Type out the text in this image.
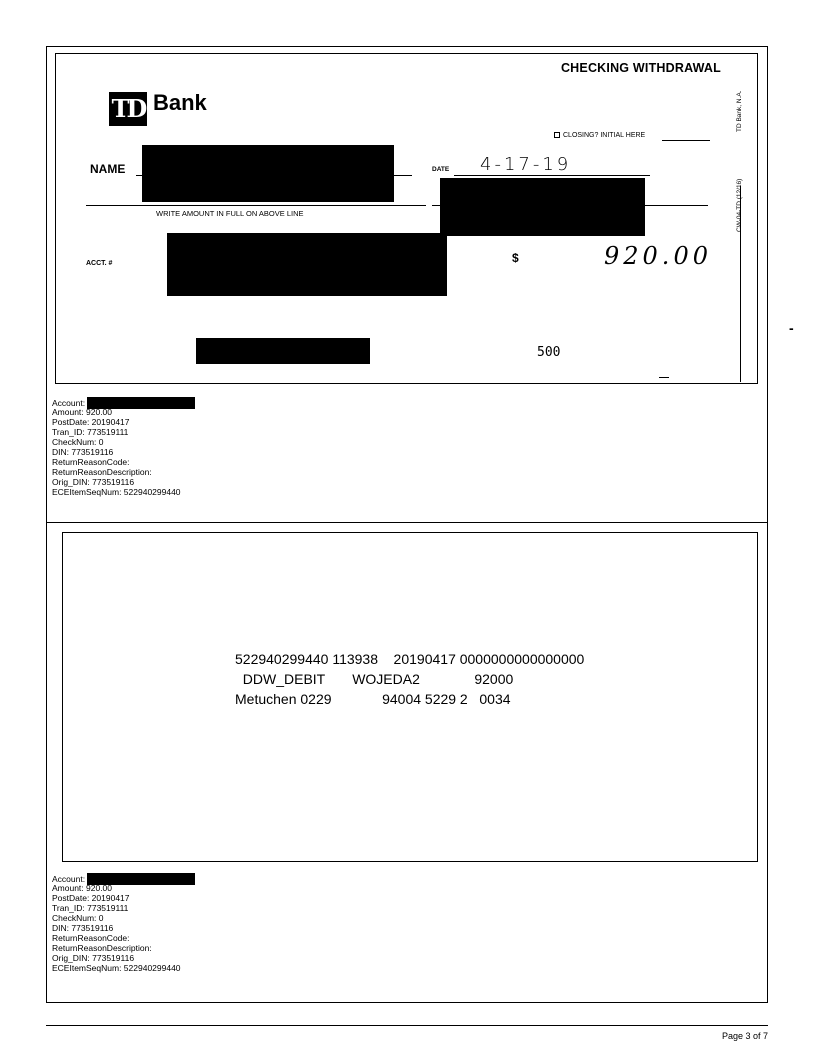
CHECKING WITHDRAWAL
TD Bank
CLOSING? INITIAL HERE
TD Bank, N.A.
CW-04-TD (12/16)
NAME	DATE 4-17-19
WRITE AMOUNT IN FULL ON ABOVE LINE
ACCT. #	$	920.00
500
-
Account:
Amount: 920.00
PostDate: 20190417
Tran_ID: 773519111
CheckNum: 0
DIN: 773519116
ReturnReasonCode:
ReturnReasonDescription:
Orig_DIN: 773519116
ECEItemSeqNum: 522940299440
522940299440 113938    20190417 0000000000000000
DDW_DEBIT       WOJEDA2              92000
Metuchen 0229             94004 5229 2   0034
Account:
Amount: 920.00
PostDate: 20190417
Tran_ID: 773519111
CheckNum: 0
DIN: 773519116
ReturnReasonCode:
ReturnReasonDescription:
Orig_DIN: 773519116
ECEItemSeqNum: 522940299440
Page 3 of 7
